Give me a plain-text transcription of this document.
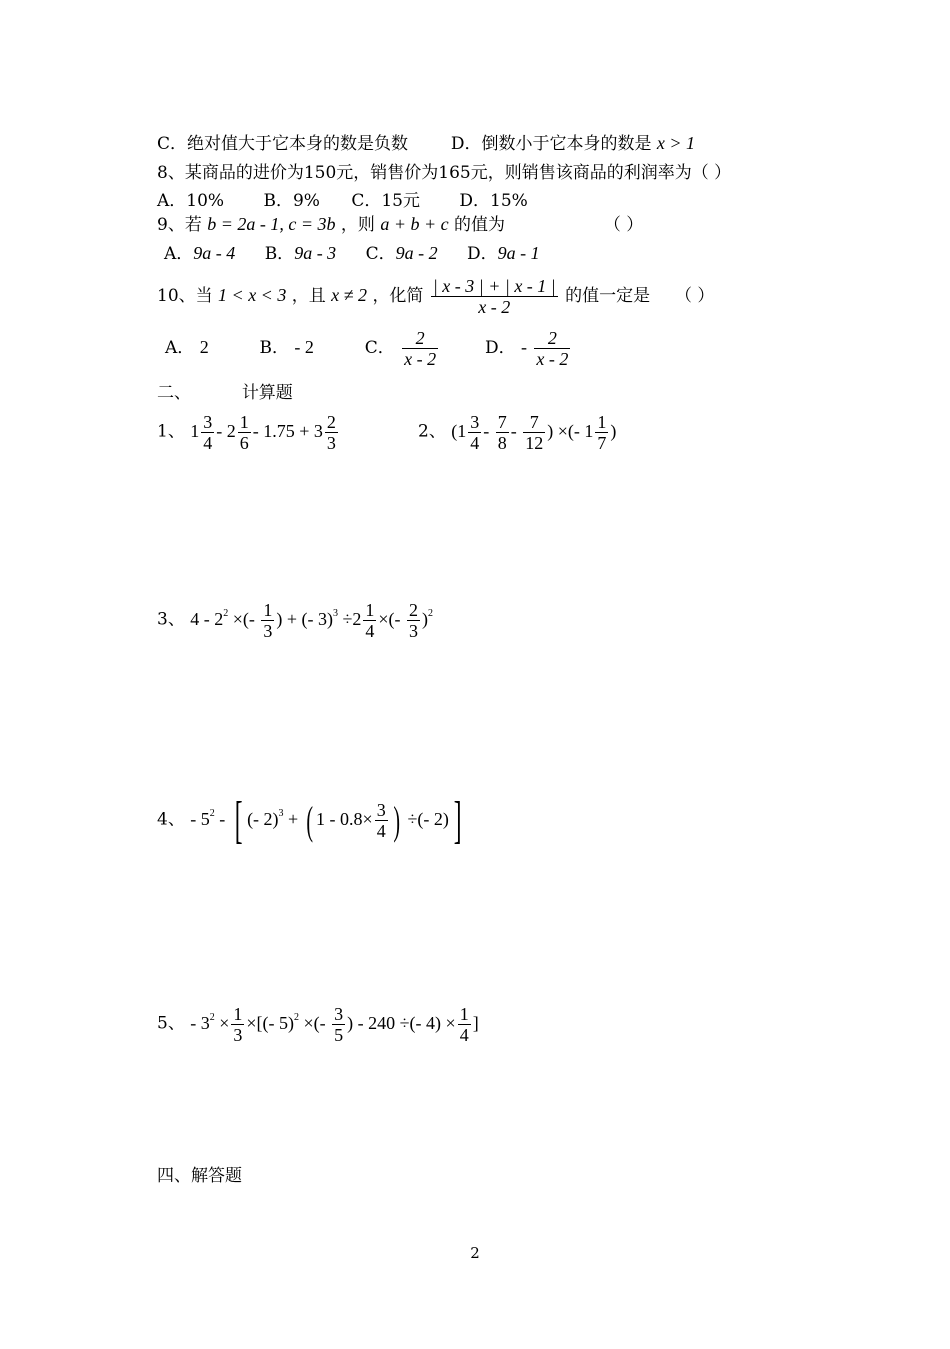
C．绝对值大于它本身的数是负数	D．倒数小于它本身的数是 x > 1
8、某商品的进价为150元，销售价为165元，则销售该商品的利润率为（ ）
A．10% B．9% C．15元 D．15%
9、若 b = 2a - 1, c = 3b ，则 a + b + c 的值为	（ ）
A．9a - 4 B．9a - 3 C．9a - 2 D．9a - 1
10、当 1 < x < 3 ，且 x ≠ 2 ，化简 $\frac{| x - 3 | + | x - 1 |}{x - 2}$ 的值一定是 （ ）
A． 2	B． - 2	C． $\frac{2}{x - 2}$	D． - $\frac{2}{x - 2}$
二、	计算题
1、 $1 \frac{3}{4} - 2 \frac{1}{6} - 1.75 + 3 \frac{2}{3}$	2、 ($1 \frac{3}{4} - \frac{7}{8} - \frac{7}{12}$ ) ×(- $1 \frac{1}{7}$ )
3、 $4 - 2^2$ ×(- $\frac{1}{3}$ ) + (- $3)^3 \div 2 \frac{1}{4}$ ×(- $\frac{2}{3} )^2$
4、 - $5^2$ - [ (- 2)$^3$ + ( $1 - 0.8\times \frac{3}{4}$ ) ÷(- 2)]
5、 - $3^2 \times \frac{1}{3}$ ×[(- 5)$^2$ ×(- $\frac{3}{5}$ ) - 240 ÷(- $4) \times \frac{1}{4}$ ]
四、解答题
2
